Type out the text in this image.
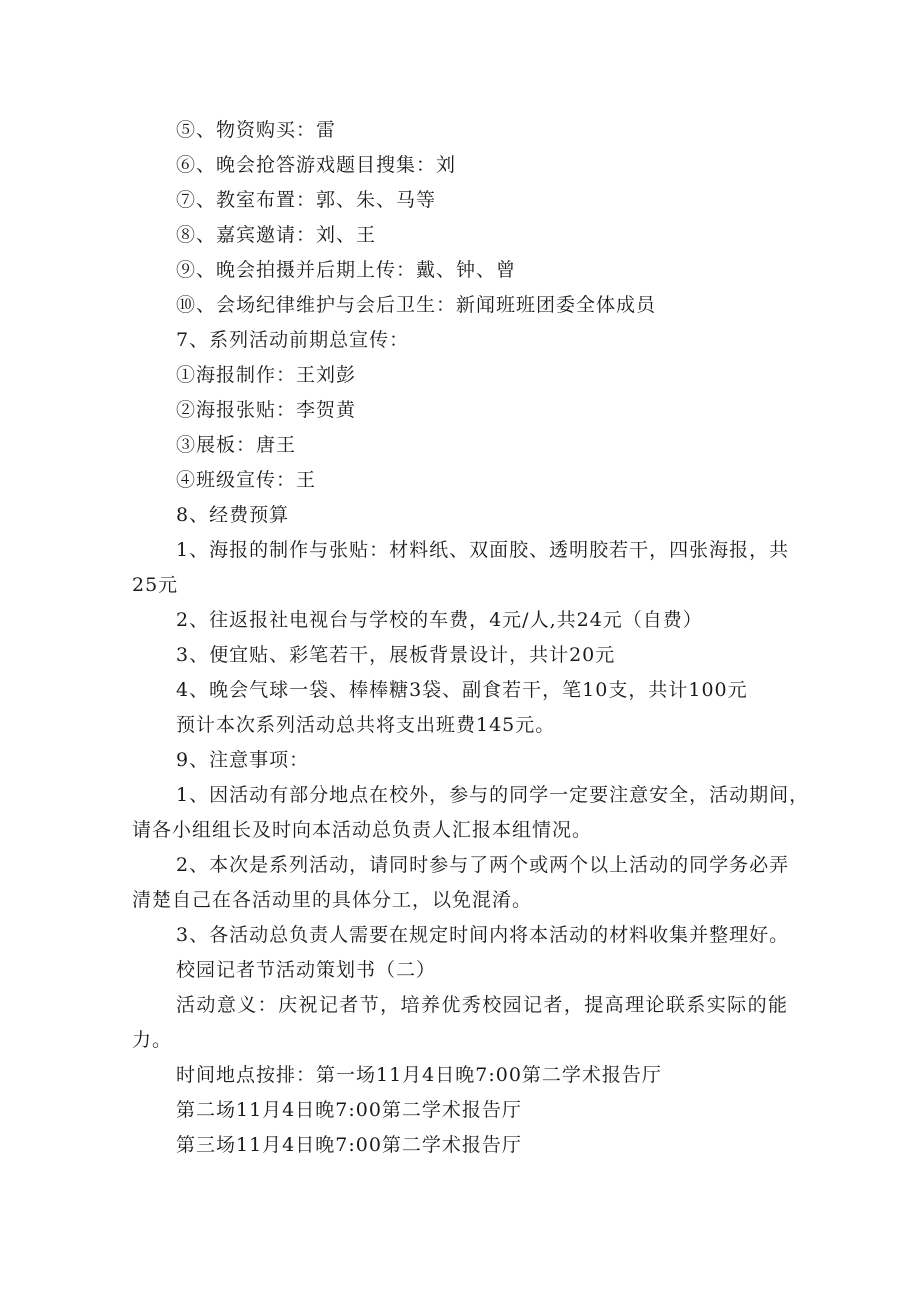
⑤、物资购买：雷
⑥、晚会抢答游戏题目搜集：刘
⑦、教室布置：郭、朱、马等
⑧、嘉宾邀请：刘、王
⑨、晚会拍摄并后期上传：戴、钟、曾
⑩、会场纪律维护与会后卫生：新闻班班团委全体成员
7、系列活动前期总宣传：
①海报制作：王刘彭
②海报张贴：李贺黄
③展板：唐王
④班级宣传：王
8、经费预算
1、海报的制作与张贴：材料纸、双面胶、透明胶若干，四张海报，共
25元
2、往返报社电视台与学校的车费，4元/人,共24元（自费）
3、便宜贴、彩笔若干，展板背景设计，共计20元
4、晚会气球一袋、棒棒糖3袋、副食若干，笔10支，共计100元
预计本次系列活动总共将支出班费145元。
9、注意事项：
1、因活动有部分地点在校外，参与的同学一定要注意安全，活动期间，
请各小组组长及时向本活动总负责人汇报本组情况。
2、本次是系列活动，请同时参与了两个或两个以上活动的同学务必弄
清楚自己在各活动里的具体分工，以免混淆。
3、各活动总负责人需要在规定时间内将本活动的材料收集并整理好。
校园记者节活动策划书（二）
活动意义：庆祝记者节，培养优秀校园记者，提高理论联系实际的能
力。
时间地点按排：第一场11月4日晚7:00第二学术报告厅
第二场11月4日晚7:00第二学术报告厅
第三场11月4日晚7:00第二学术报告厅
